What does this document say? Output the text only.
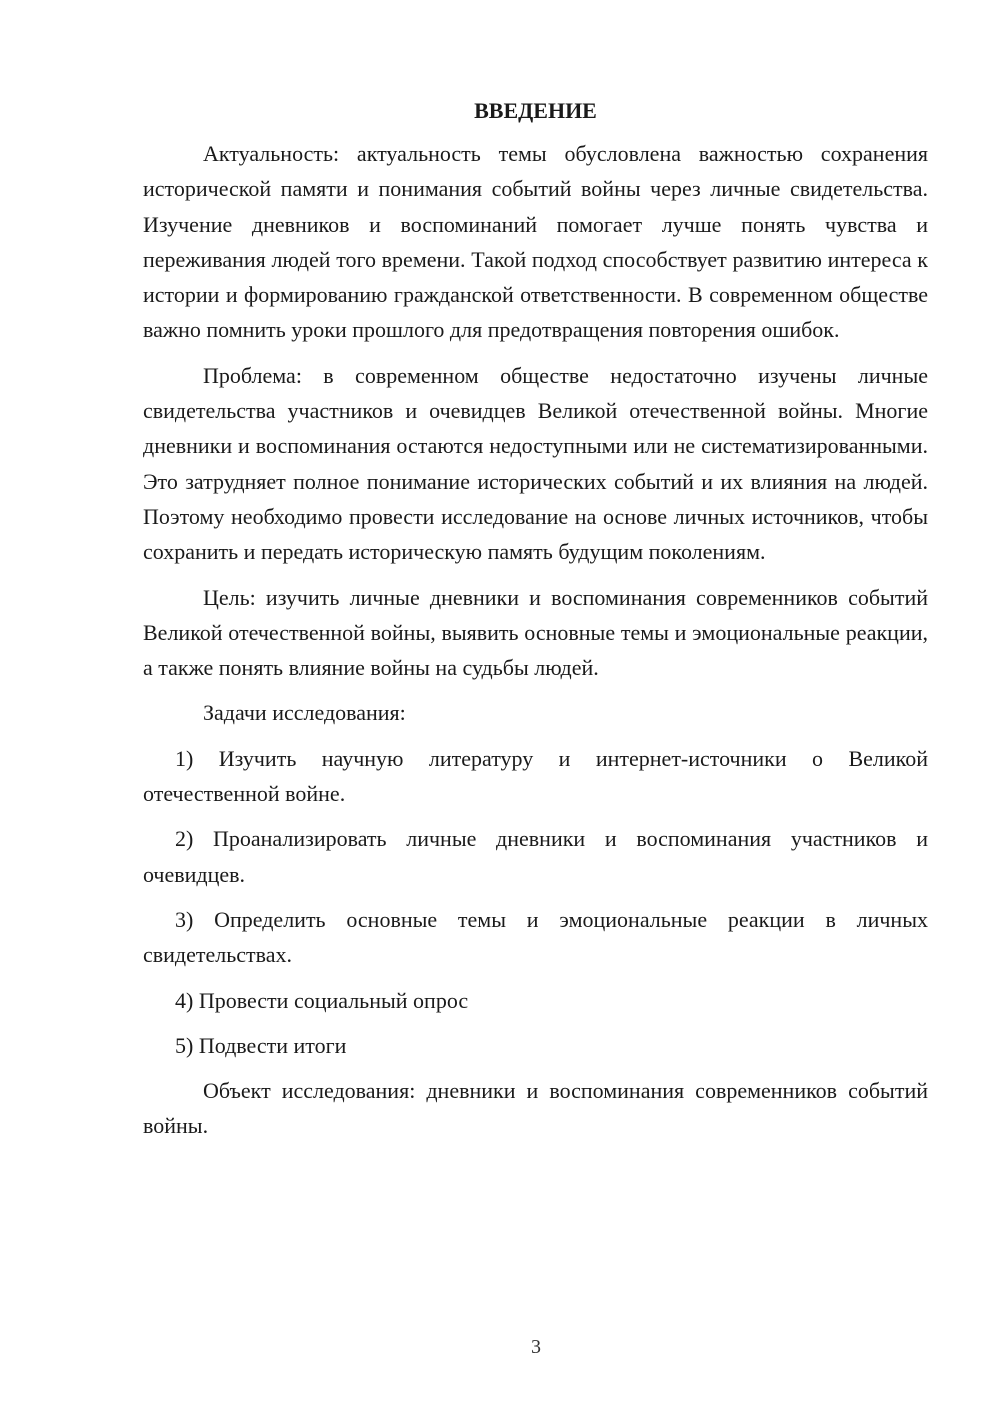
ВВЕДЕНИЕ

Актуальность: актуальность темы обусловлена важностью сохранения исторической памяти и понимания событий войны через личные свидетельства. Изучение дневников и воспоминаний помогает лучше понять чувства и переживания людей того времени. Такой подход способствует развитию интереса к истории и формированию гражданской ответственности. В современном обществе важно помнить уроки прошлого для предотвращения повторения ошибок.

Проблема: в современном обществе недостаточно изучены личные свидетельства участников и очевидцев Великой отечественной войны. Многие дневники и воспоминания остаются недоступными или не систематизированными. Это затрудняет полное понимание исторических событий и их влияния на людей. Поэтому необходимо провести исследование на основе личных источников, чтобы сохранить и передать историческую память будущим поколениям.

Цель: изучить личные дневники и воспоминания современников событий Великой отечественной войны, выявить основные темы и эмоциональные реакции, а также понять влияние войны на судьбы людей.

Задачи исследования:

1) Изучить научную литературу и интернет-источники о Великой отечественной войне.

2) Проанализировать личные дневники и воспоминания участников и очевидцев.

3) Определить основные темы и эмоциональные реакции в личных свидетельствах.

4) Провести социальный опрос

5) Подвести итоги

Объект исследования: дневники и воспоминания современников событий войны.

3
